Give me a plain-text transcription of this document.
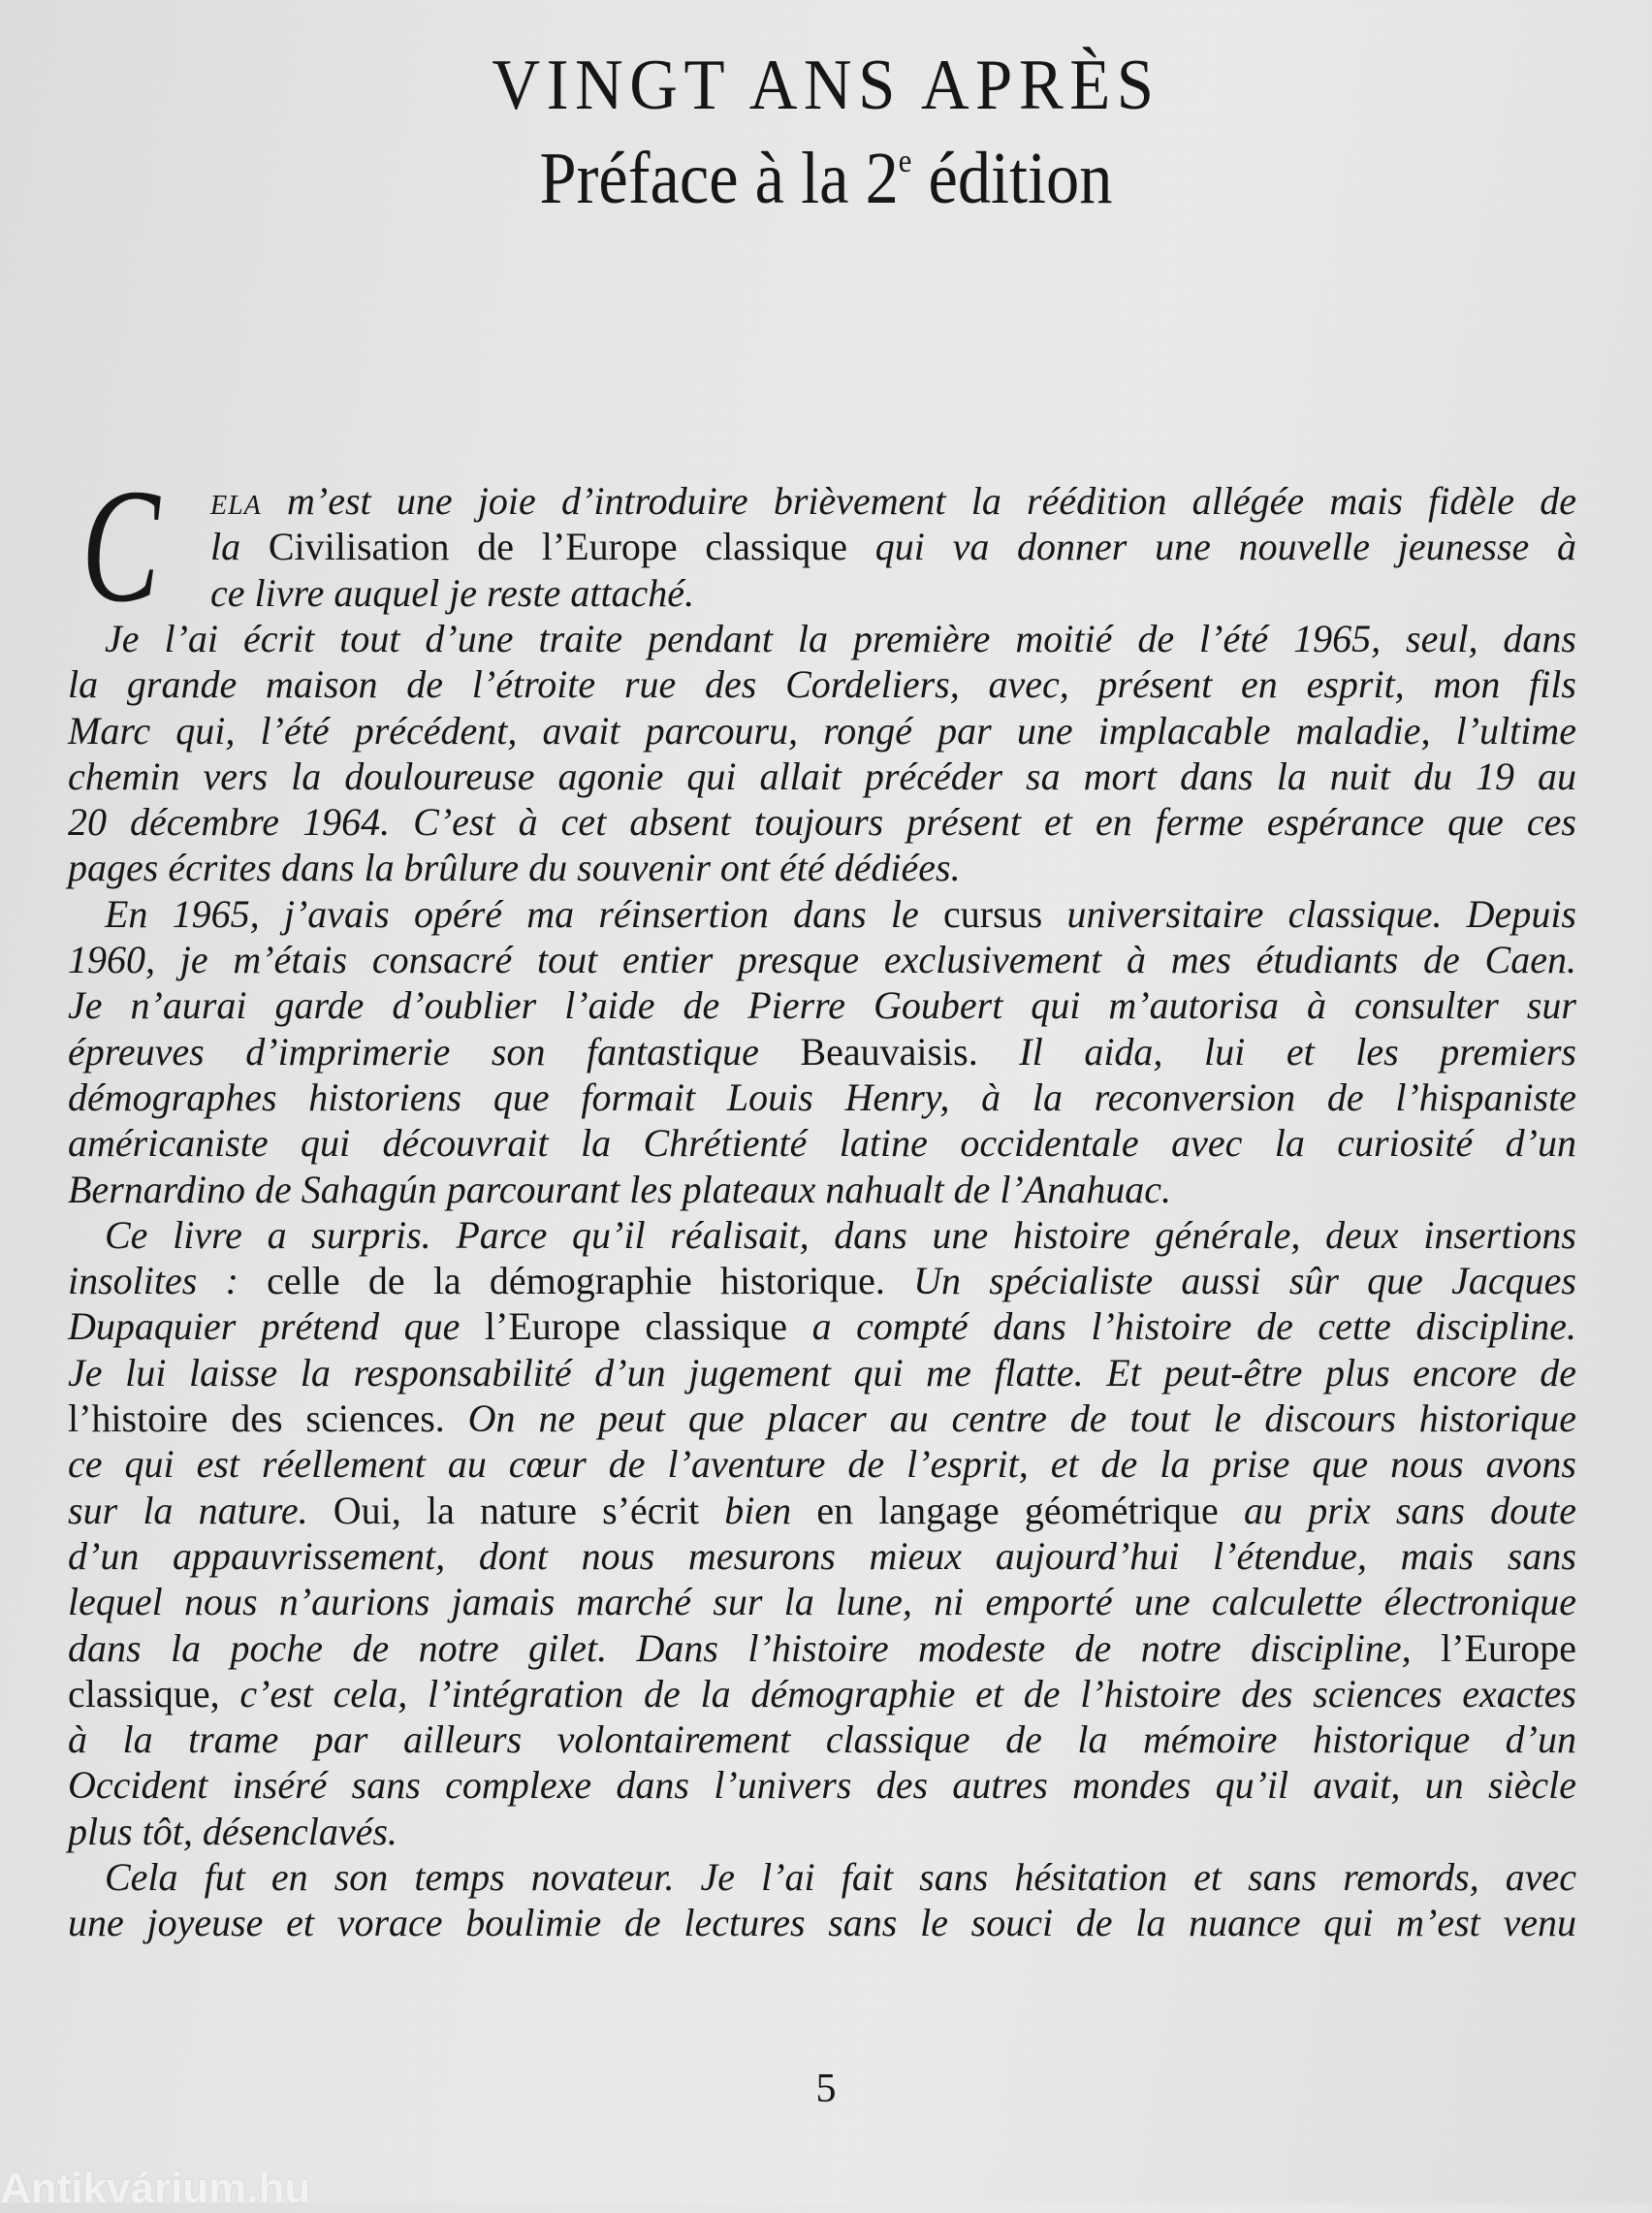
VINGT ANS APRÈS
Préface à la 2e édition
C	ELA m’est une joie d’introduire brièvement la réédition allégée mais fidèle de
la Civilisation de l’Europe classique qui va donner une nouvelle jeunesse à
ce livre auquel je reste attaché.
Je l’ai écrit tout d’une traite pendant la première moitié de l’été 1965, seul, dans
la grande maison de l’étroite rue des Cordeliers, avec, présent en esprit, mon fils
Marc qui, l’été précédent, avait parcouru, rongé par une implacable maladie, l’ultime
chemin vers la douloureuse agonie qui allait précéder sa mort dans la nuit du 19 au
20 décembre 1964. C’est à cet absent toujours présent et en ferme espérance que ces
pages écrites dans la brûlure du souvenir ont été dédiées.
En 1965, j’avais opéré ma réinsertion dans le cursus universitaire classique. Depuis
1960, je m’étais consacré tout entier presque exclusivement à mes étudiants de Caen.
Je n’aurai garde d’oublier l’aide de Pierre Goubert qui m’autorisa à consulter sur
épreuves d’imprimerie son fantastique Beauvaisis. Il aida, lui et les premiers
démographes historiens que formait Louis Henry, à la reconversion de l’hispaniste
américaniste qui découvrait la Chrétienté latine occidentale avec la curiosité d’un
Bernardino de Sahagún parcourant les plateaux nahualt de l’Anahuac.
Ce livre a surpris. Parce qu’il réalisait, dans une histoire générale, deux insertions
insolites : celle de la démographie historique. Un spécialiste aussi sûr que Jacques
Dupaquier prétend que l’Europe classique a compté dans l’histoire de cette discipline.
Je lui laisse la responsabilité d’un jugement qui me flatte. Et peut-être plus encore de
l’histoire des sciences. On ne peut que placer au centre de tout le discours historique
ce qui est réellement au cœur de l’aventure de l’esprit, et de la prise que nous avons
sur la nature. Oui, la nature s’écrit bien en langage géométrique au prix sans doute
d’un appauvrissement, dont nous mesurons mieux aujourd’hui l’étendue, mais sans
lequel nous n’aurions jamais marché sur la lune, ni emporté une calculette électronique
dans la poche de notre gilet. Dans l’histoire modeste de notre discipline, l’Europe
classique, c’est cela, l’intégration de la démographie et de l’histoire des sciences exactes
à la trame par ailleurs volontairement classique de la mémoire historique d’un
Occident inséré sans complexe dans l’univers des autres mondes qu’il avait, un siècle
plus tôt, désenclavés.
Cela fut en son temps novateur. Je l’ai fait sans hésitation et sans remords, avec
une joyeuse et vorace boulimie de lectures sans le souci de la nuance qui m’est venu
5
Antikvárium.hu
